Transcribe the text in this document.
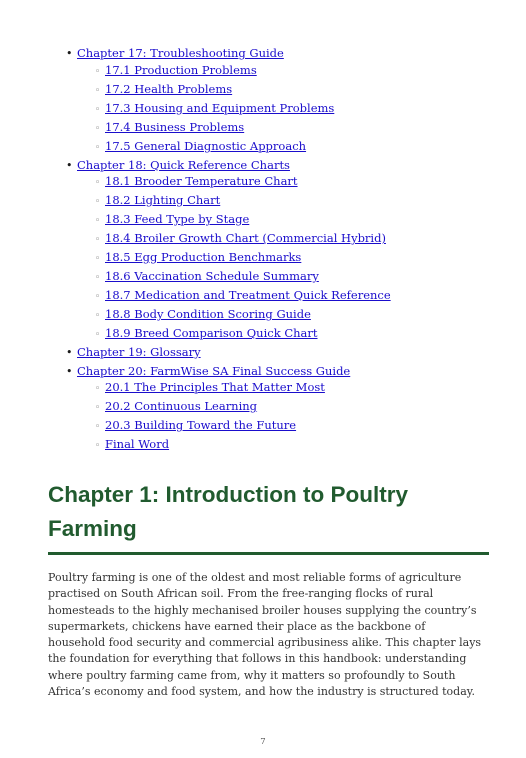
• Chapter 17: Troubleshooting Guide
◦ 17.1 Production Problems
◦ 17.2 Health Problems
◦ 17.3 Housing and Equipment Problems
◦ 17.4 Business Problems
◦ 17.5 General Diagnostic Approach
• Chapter 18: Quick Reference Charts
◦ 18.1 Brooder Temperature Chart
◦ 18.2 Lighting Chart
◦ 18.3 Feed Type by Stage
◦ 18.4 Broiler Growth Chart (Commercial Hybrid)
◦ 18.5 Egg Production Benchmarks
◦ 18.6 Vaccination Schedule Summary
◦ 18.7 Medication and Treatment Quick Reference
◦ 18.8 Body Condition Scoring Guide
◦ 18.9 Breed Comparison Quick Chart
• Chapter 19: Glossary
• Chapter 20: FarmWise SA Final Success Guide
◦ 20.1 The Principles That Matter Most
◦ 20.2 Continuous Learning
◦ 20.3 Building Toward the Future
◦ Final Word
Chapter 1: Introduction to Poultry Farming

Poultry farming is one of the oldest and most reliable forms of agriculture practised on South African soil. From the free-ranging flocks of rural homesteads to the highly mechanised broiler houses supplying the country’s supermarkets, chickens have earned their place as the backbone of household food security and commercial agribusiness alike. This chapter lays the foundation for everything that follows in this handbook: understanding where poultry farming came from, why it matters so profoundly to South Africa’s economy and food system, and how the industry is structured today.

7
